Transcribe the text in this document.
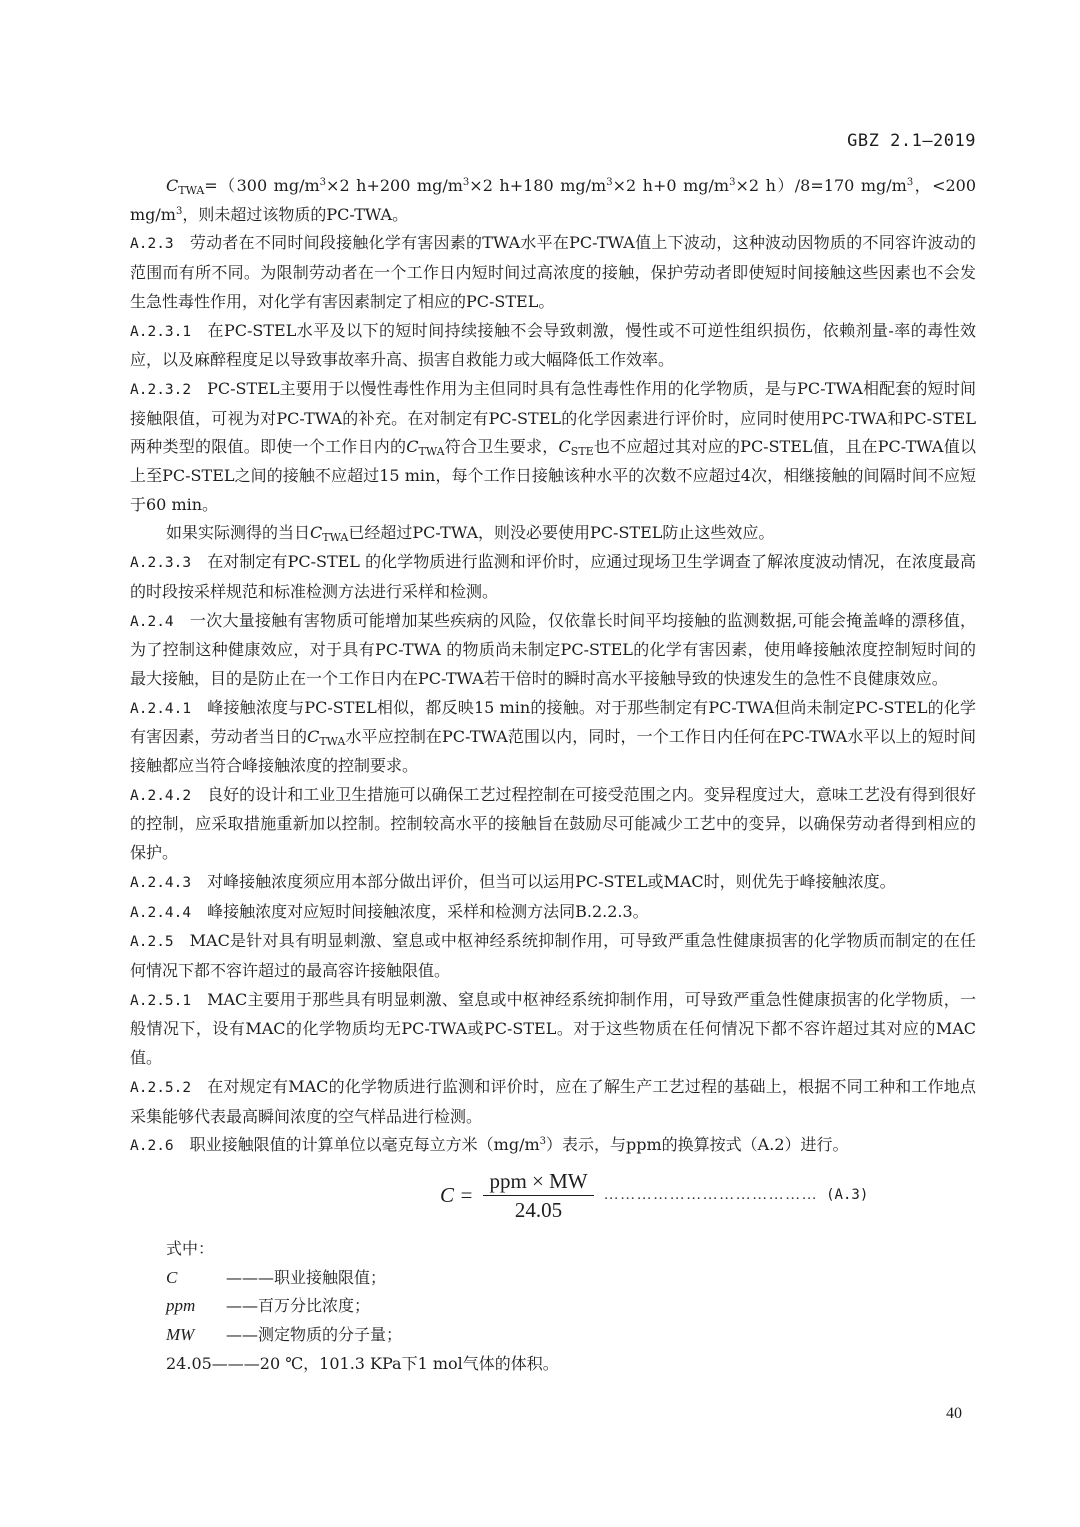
GBZ 2.1—2019

$C_{TWA}=(300$ $mg/m^3\times 2$ h+200 $mg/m^3\times 2$ h+180 $mg/m^3\times 2$ h+0 $mg/m^3\times 2$ h）/8=170 $mg/m^3$，<200 $mg/m^3$，则未超过该物质的PC-TWA。

A.2.3 劳动者在不同时间段接触化学有害因素的TWA水平在PC-TWA值上下波动，这种波动因物质的不同容许波动的范围而有所不同。为限制劳动者在一个工作日内短时间过高浓度的接触，保护劳动者即使短时间接触这些因素也不会发生急性毒性作用，对化学有害因素制定了相应的PC-STEL。

A.2.3.1 在PC-STEL水平及以下的短时间持续接触不会导致刺激，慢性或不可逆性组织损伤，依赖剂量-率的毒性效应，以及麻醉程度足以导致事故率升高、损害自救能力或大幅降低工作效率。

A.2.3.2 PC-STEL主要用于以慢性毒性作用为主但同时具有急性毒性作用的化学物质，是与PC-TWA相配套的短时间接触限值，可视为对PC-TWA的补充。在对制定有PC-STEL的化学因素进行评价时，应同时使用PC-TWA和PC-STEL两种类型的限值。即使一个工作日内的$C_{TWA}$符合卫生要求，$C_{STE}$也不应超过其对应的PC-STEL值，且在PC-TWA值以上至PC-STEL之间的接触不应超过15 min，每个工作日接触该种水平的次数不应超过4次，相继接触的间隔时间不应短于60 min。

如果实际测得的当日$C_{TWA}$已经超过PC-TWA，则没必要使用PC-STEL防止这些效应。

A.2.3.3 在对制定有PC-STEL 的化学物质进行监测和评价时，应通过现场卫生学调查了解浓度波动情况，在浓度最高的时段按采样规范和标准检测方法进行采样和检测。

A.2.4 一次大量接触有害物质可能增加某些疾病的风险，仅依靠长时间平均接触的监测数据,可能会掩盖峰的漂移值，为了控制这种健康效应，对于具有PC-TWA 的物质尚未制定PC-STEL的化学有害因素，使用峰接触浓度控制短时间的最大接触，目的是防止在一个工作日内在PC-TWA若干倍时的瞬时高水平接触导致的快速发生的急性不良健康效应。

A.2.4.1 峰接触浓度与PC-STEL相似，都反映15 min的接触。对于那些制定有PC-TWA但尚未制定PC-STEL的化学有害因素，劳动者当日的$C_{TWA}$水平应控制在PC-TWA范围以内，同时，一个工作日内任何在PC-TWA水平以上的短时间接触都应当符合峰接触浓度的控制要求。

A.2.4.2 良好的设计和工业卫生措施可以确保工艺过程控制在可接受范围之内。变异程度过大，意味工艺没有得到很好的控制，应采取措施重新加以控制。控制较高水平的接触旨在鼓励尽可能减少工艺中的变异，以确保劳动者得到相应的保护。

A.2.4.3 对峰接触浓度须应用本部分做出评价，但当可以运用PC-STEL或MAC时，则优先于峰接触浓度。

A.2.4.4 峰接触浓度对应短时间接触浓度，采样和检测方法同B.2.2.3。

A.2.5 MAC是针对具有明显刺激、窒息或中枢神经系统抑制作用，可导致严重急性健康损害的化学物质而制定的在任何情况下都不容许超过的最高容许接触限值。

A.2.5.1 MAC主要用于那些具有明显刺激、窒息或中枢神经系统抑制作用，可导致严重急性健康损害的化学物质，一般情况下，设有MAC的化学物质均无PC-TWA或PC-STEL。对于这些物质在任何情况下都不容许超过其对应的MAC值。

A.2.5.2 在对规定有MAC的化学物质进行监测和评价时，应在了解生产工艺过程的基础上，根据不同工种和工作地点采集能够代表最高瞬间浓度的空气样品进行检测。

A.2.6 职业接触限值的计算单位以毫克每立方米$(mg/m^3)$表示，与ppm的换算按式（A.2）进行。

$C = \frac{\text{ppm × MW}}{24.05}$ ………………………………… (A.3)
式中：
C	———职业接触限值；
ppm	——百万分比浓度；
MW	——测定物质的分子量；
24.05———20 ℃，101.3 KPa下1 mol气体的体积。
40
